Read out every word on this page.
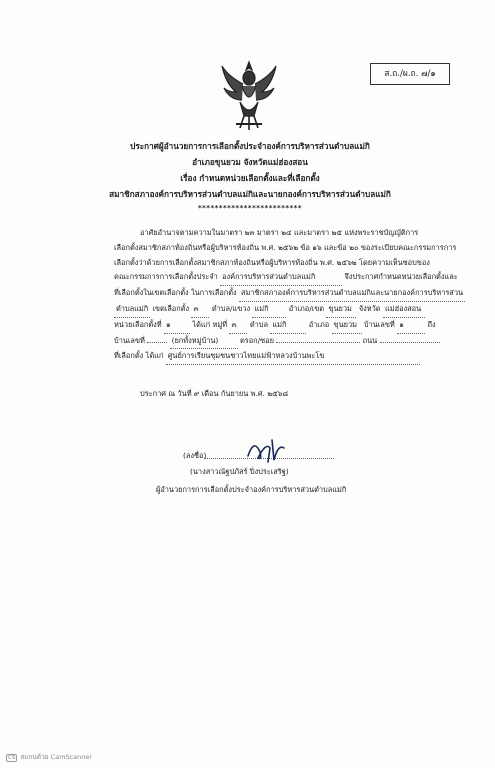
ส.ถ./ผ.ถ. ๗/๑
ประกาศผู้อำนวยการการเลือกตั้งประจำองค์การบริหารส่วนตำบลแม่กิ
อำเภอขุนยวม จังหวัดแม่ฮ่องสอน
เรื่อง กำหนดหน่วยเลือกตั้งและที่เลือกตั้ง
สมาชิกสภาองค์การบริหารส่วนตำบลแม่กิและนายกองค์การบริหารส่วนตำบลแม่กิ
*************************

อาศัยอำนาจตามความในมาตรา ๒๓ มาตรา ๒๔ และมาตรา ๒๕ แห่งพระราชบัญญัติการ

เลือกตั้งสมาชิกสภาท้องถิ่นหรือผู้บริหารท้องถิ่น พ.ศ. ๒๕๖๒ ข้อ ๑๖ และข้อ ๒๐ ของระเบียบคณะกรรมการการ

เลือกตั้งว่าด้วยการเลือกตั้งสมาชิกสภาท้องถิ่นหรือผู้บริหารท้องถิ่น พ.ศ. ๒๕๖๒ โดยความเห็นชอบของ

คณะกรรมการการเลือกตั้งประจำ องค์การบริหารส่วนตำบลแม่กิ	จึงประกาศกำหนดหน่วยเลือกตั้งและ

ที่เลือกตั้งในเขตเลือกตั้ง ในการเลือกตั้ง สมาชิกสภาองค์การบริหารส่วนตำบลแม่กิและนายกองค์การบริหารส่วน

ตำบลแม่กิ เขตเลือกตั้ง ๓ ตำบล/แขวง แม่กิ	อำเภอ/เขต ขุนยวม จังหวัด แม่ฮ่องสอน

หน่วยเลือกตั้งที่ ๑	ได้แก่ หมู่ที่ ๓ ตำบล แม่กิ	อำเภอ ขุนยวม บ้านเลขที่ ๑	ถึง

บ้านเลขที่	(ยกทั้งหมู่บ้าน)	ตรอก/ซอย	ถนน

ที่เลือกตั้ง ได้แก่ ศูนย์การเรียนชุมชนชาวไทยแม่ฟ้าหลวงบ้านพะโข

ประกาศ ณ วันที่ ๙ เดือน กันยายน พ.ศ. ๒๕๖๘
(ลงชื่อ)
(นางสาวณัฐปภัสร์ ปิ่งประเสริฐ)
ผู้อำนวยการการเลือกตั้งประจำองค์การบริหารส่วนตำบลแม่กิ
CS สแกนด้วย CamScanner
